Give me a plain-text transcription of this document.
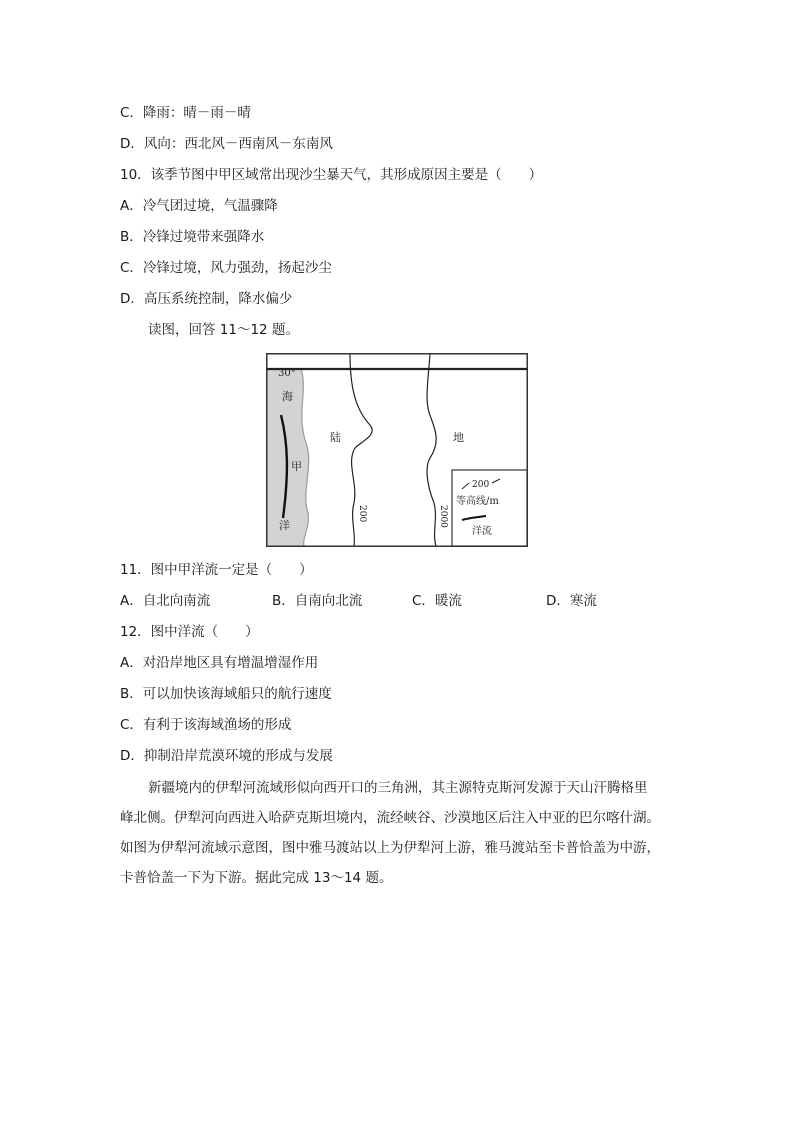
C．降雨：晴－雨－晴
D．风向：西北风－西南风－东南风
10．该季节图中甲区域常出现沙尘暴天气，其形成原因主要是（　　）
A．冷气团过境，气温骤降
B．冷锋过境带来强降水
C．冷锋过境，风力强劲，扬起沙尘
D．高压系统控制，降水偏少
读图，回答 11～12 题。
30°
海
洋
甲
200	2000
陆	地
200
等高线/m
洋流
11．图中甲洋流一定是（　　）
A．自北向南流	B．自南向北流	C．暖流	D．寒流
12．图中洋流（　　）
A．对沿岸地区具有增温增湿作用
B．可以加快该海域船只的航行速度
C．有利于该海域渔场的形成
D．抑制沿岸荒漠环境的形成与发展
新疆境内的伊犁河流域形似向西开口的三角洲，其主源特克斯河发源于天山汗腾格里峰北侧。伊犁河向西进入哈萨克斯坦境内，流经峡谷、沙漠地区后注入中亚的巴尔喀什湖。如图为伊犁河流域示意图，图中雅马渡站以上为伊犁河上游，雅马渡站至卡普恰盖为中游，卡普恰盖一下为下游。据此完成 13～14 题。
